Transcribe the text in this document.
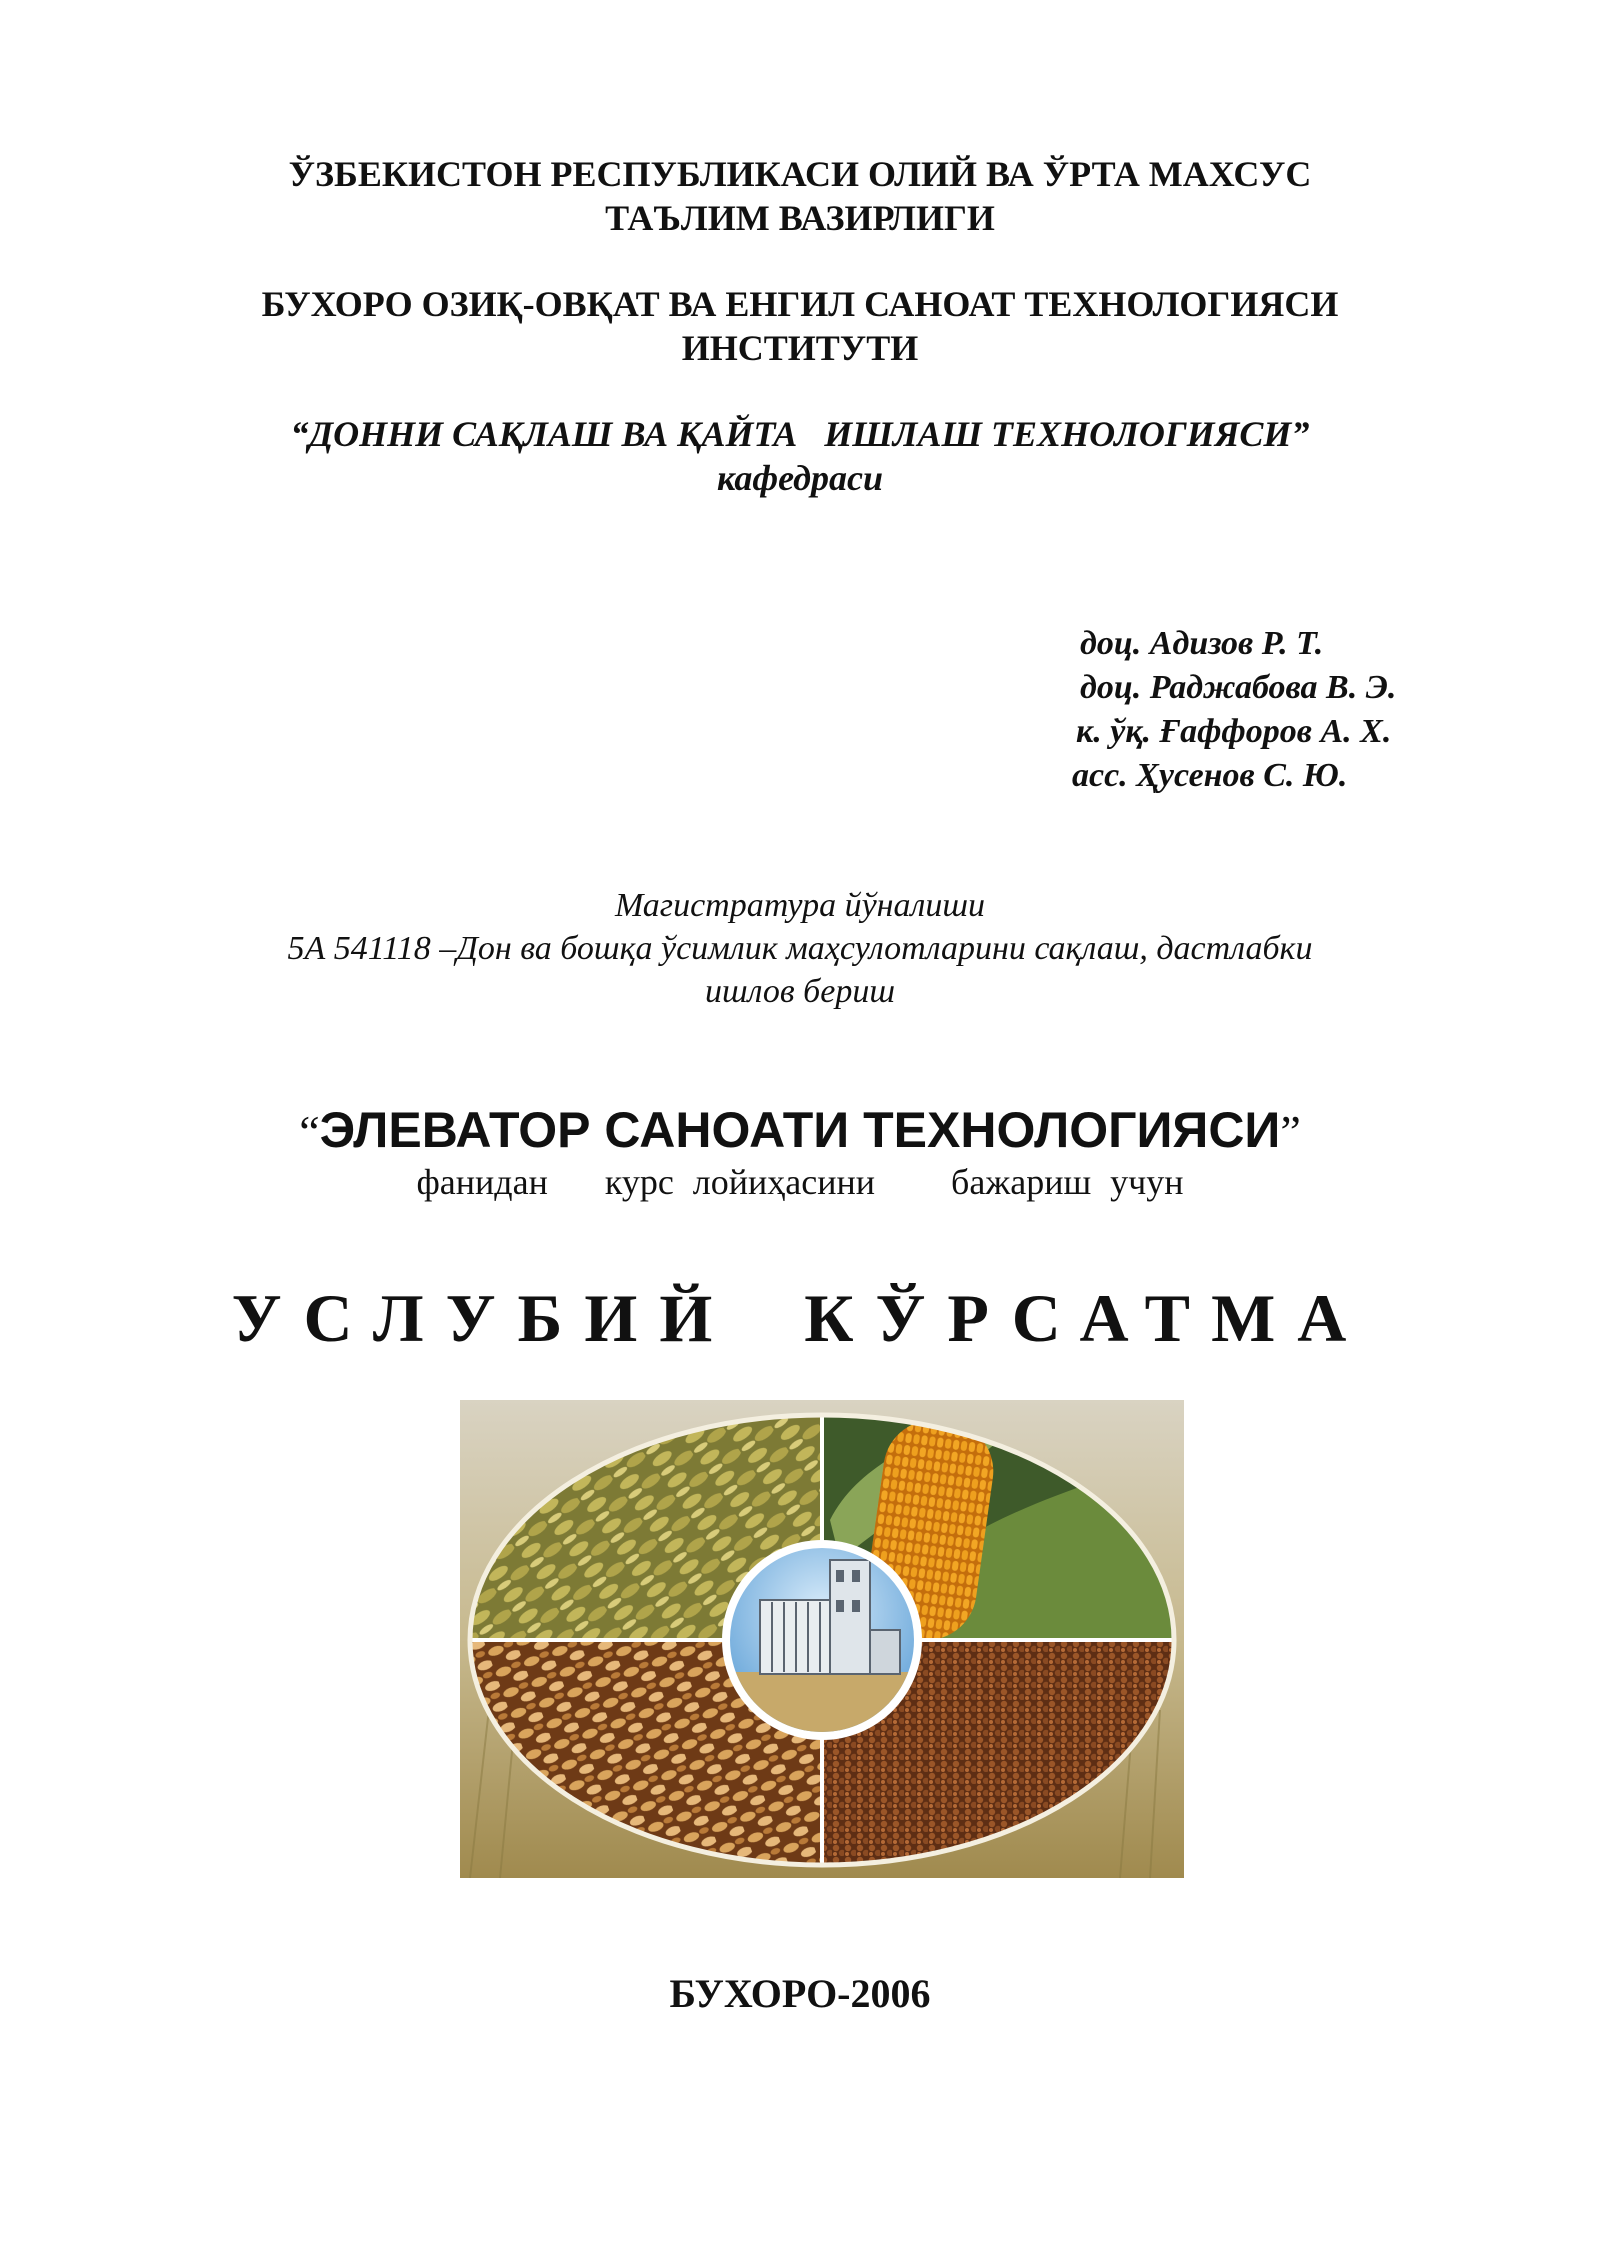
ЎЗБЕКИСТОН РЕСПУБЛИКАСИ ОЛИЙ ВА ЎРТА МАХСУС
ТАЪЛИМ ВАЗИРЛИГИ
БУХОРО ОЗИҚ-ОВҚАТ ВА ЕНГИЛ САНОАТ ТЕХНОЛОГИЯСИ
ИНСТИТУТИ
“ДОННИ САҚЛАШ ВА ҚАЙТА   ИШЛАШ ТЕХНОЛОГИЯСИ”
кафедраси
доц. Адизов Р. Т.
доц. Раджабова В. Э.
к. ўқ. Ғаффоров А. Х.
асс. Ҳусенов С. Ю.
Магистратура йўналиши
5А 541118 –Дон ва бошқа ўсимлик маҳсулотларини сақлаш, дастлабки
ишлов бериш
“ЭЛЕВАТОР САНОАТИ ТЕХНОЛОГИЯСИ”
фанидан   курс лойиҳасини    бажариш учун
УСЛУБИЙ КЎРСАТМА
БУХОРО-2006
